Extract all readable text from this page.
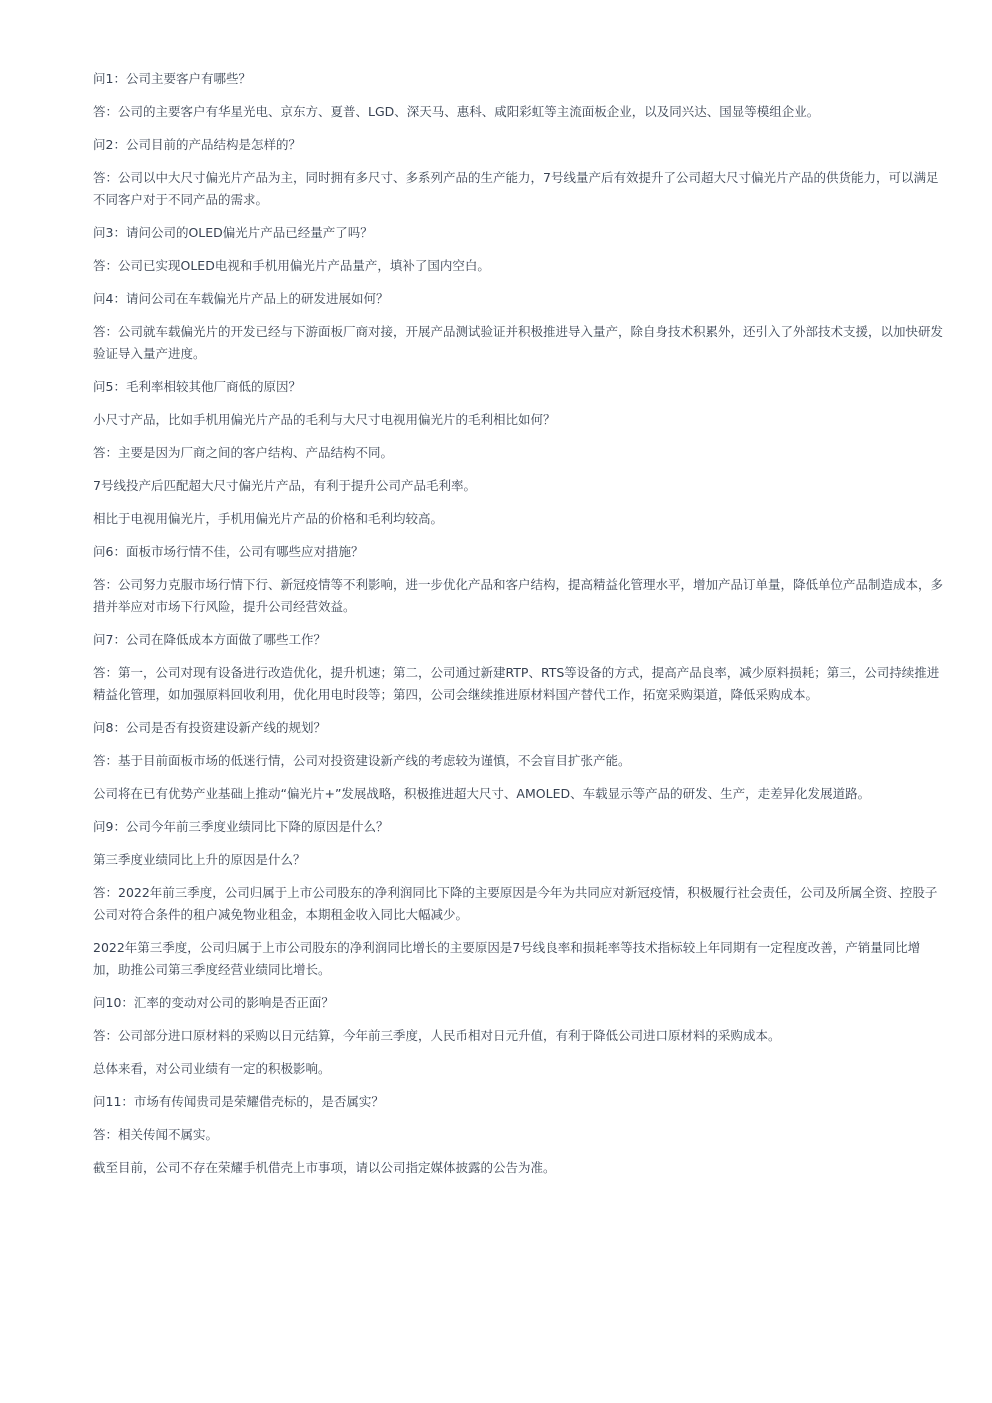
问1：公司主要客户有哪些？

答：公司的主要客户有华星光电、京东方、夏普、LGD、深天马、惠科、咸阳彩虹等主流面板企业，以及同兴达、国显等模组企业。

问2：公司目前的产品结构是怎样的？

答：公司以中大尺寸偏光片产品为主，同时拥有多尺寸、多系列产品的生产能力，7号线量产后有效提升了公司超大尺寸偏光片产品的供货能力，可以满足不同客户对于不同产品的需求。

问3：请问公司的OLED偏光片产品已经量产了吗？

答：公司已实现OLED电视和手机用偏光片产品量产，填补了国内空白。

问4：请问公司在车载偏光片产品上的研发进展如何？

答：公司就车载偏光片的开发已经与下游面板厂商对接，开展产品测试验证并积极推进导入量产，除自身技术积累外，还引入了外部技术支援，以加快研发验证导入量产进度。

问5：毛利率相较其他厂商低的原因？

小尺寸产品，比如手机用偏光片产品的毛利与大尺寸电视用偏光片的毛利相比如何？

答：主要是因为厂商之间的客户结构、产品结构不同。

7号线投产后匹配超大尺寸偏光片产品，有利于提升公司产品毛利率。

相比于电视用偏光片，手机用偏光片产品的价格和毛利均较高。

问6：面板市场行情不佳，公司有哪些应对措施？

答：公司努力克服市场行情下行、新冠疫情等不利影响，进一步优化产品和客户结构，提高精益化管理水平，增加产品订单量，降低单位产品制造成本，多措并举应对市场下行风险，提升公司经营效益。

问7：公司在降低成本方面做了哪些工作？

答：第一，公司对现有设备进行改造优化，提升机速；第二，公司通过新建RTP、RTS等设备的方式，提高产品良率，减少原料损耗；第三，公司持续推进精益化管理，如加强原料回收利用，优化用电时段等；第四，公司会继续推进原材料国产替代工作，拓宽采购渠道，降低采购成本。

问8：公司是否有投资建设新产线的规划？

答：基于目前面板市场的低迷行情，公司对投资建设新产线的考虑较为谨慎，不会盲目扩张产能。

公司将在已有优势产业基础上推动“偏光片+”发展战略，积极推进超大尺寸、AMOLED、车载显示等产品的研发、生产，走差异化发展道路。

问9：公司今年前三季度业绩同比下降的原因是什么？

第三季度业绩同比上升的原因是什么？

答：2022年前三季度，公司归属于上市公司股东的净利润同比下降的主要原因是今年为共同应对新冠疫情，积极履行社会责任，公司及所属全资、控股子公司对符合条件的租户减免物业租金，本期租金收入同比大幅减少。

2022年第三季度，公司归属于上市公司股东的净利润同比增长的主要原因是7号线良率和损耗率等技术指标较上年同期有一定程度改善，产销量同比增加，助推公司第三季度经营业绩同比增长。

问10：汇率的变动对公司的影响是否正面？

答：公司部分进口原材料的采购以日元结算，今年前三季度，人民币相对日元升值，有利于降低公司进口原材料的采购成本。

总体来看，对公司业绩有一定的积极影响。

问11：市场有传闻贵司是荣耀借壳标的，是否属实？

答：相关传闻不属实。

截至目前，公司不存在荣耀手机借壳上市事项，请以公司指定媒体披露的公告为准。
